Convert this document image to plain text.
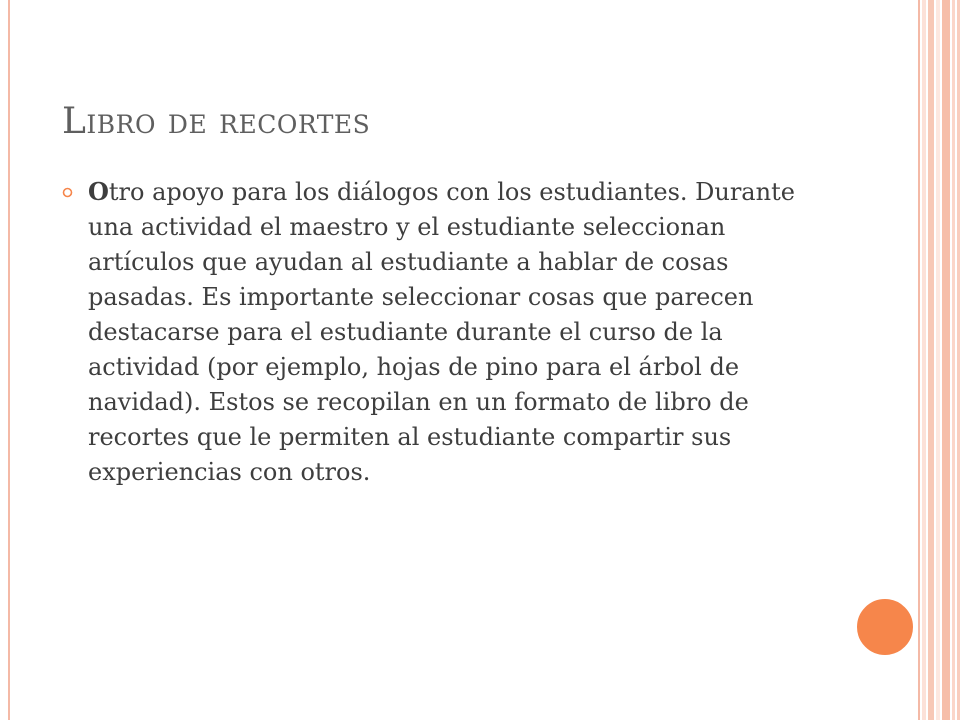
Libro de recortes
Otro apoyo para los diálogos con los estudiantes. Durante una actividad el maestro y el estudiante seleccionan artículos que ayudan al estudiante a hablar de cosas pasadas. Es importante seleccionar cosas que parecen destacarse para el estudiante durante el curso de la actividad (por ejemplo, hojas de pino para el árbol de navidad). Estos se recopilan en un formato de libro de recortes que le permiten al estudiante compartir sus experiencias con otros.
